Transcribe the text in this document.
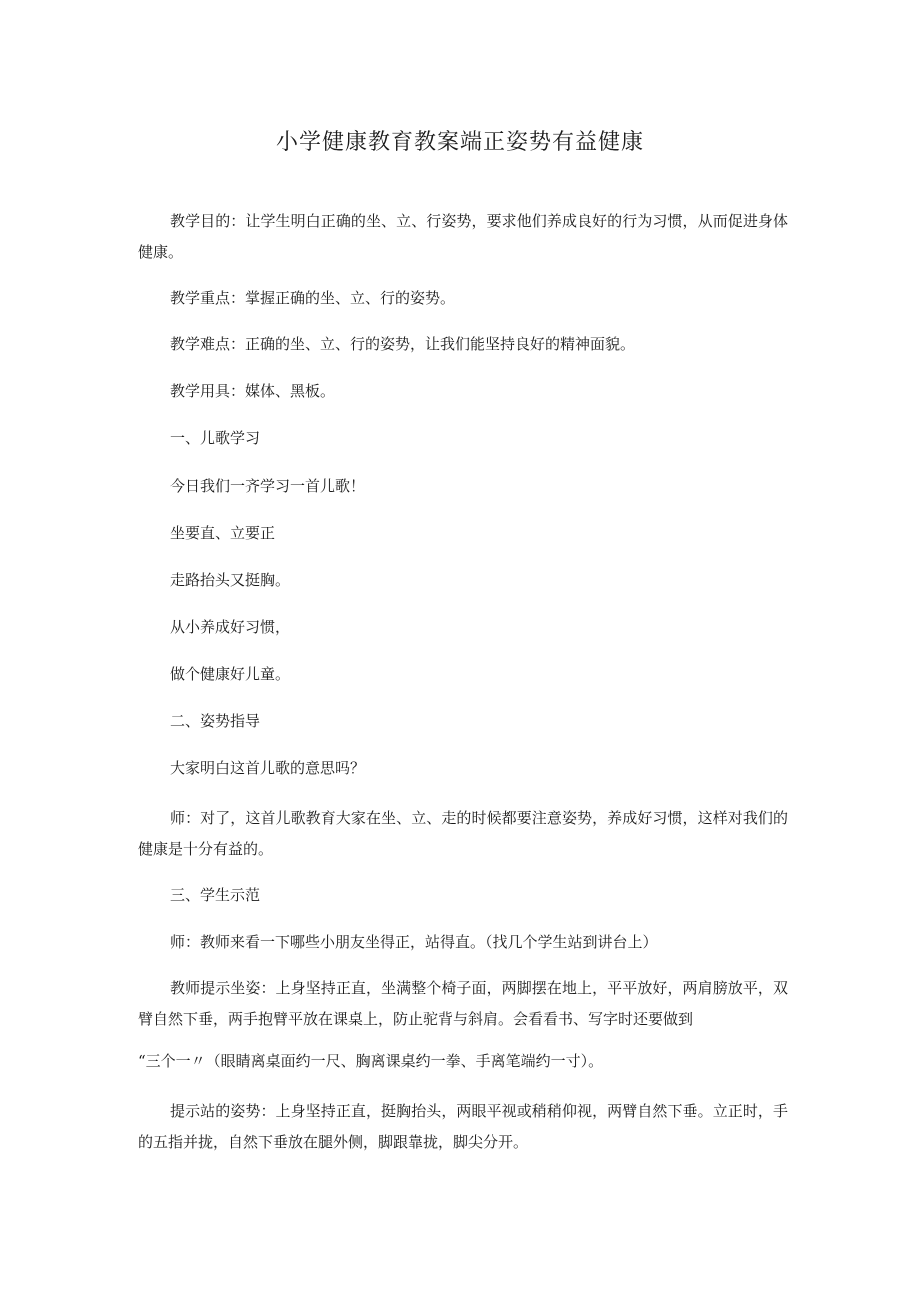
小学健康教育教案端正姿势有益健康

教学目的：让学生明白正确的坐、立、行姿势，要求他们养成良好的行为习惯，从而促进身体健康。

教学重点：掌握正确的坐、立、行的姿势。

教学难点：正确的坐、立、行的姿势，让我们能坚持良好的精神面貌。

教学用具：媒体、黑板。

一、儿歌学习

今日我们一齐学习一首儿歌！

坐要直、立要正

走路抬头又挺胸。

从小养成好习惯，

做个健康好儿童。

二、姿势指导

大家明白这首儿歌的意思吗？

师：对了，这首儿歌教育大家在坐、立、走的时候都要注意姿势，养成好习惯，这样对我们的健康是十分有益的。

三、学生示范

师：教师来看一下哪些小朋友坐得正，站得直。（找几个学生站到讲台上）

教师提示坐姿：上身坚持正直，坐满整个椅子面，两脚摆在地上，平平放好，两肩膀放平，双臂自然下垂，两手抱臂平放在课桌上，防止驼背与斜肩。会看看书、写字时还要做到

“三个一〃（眼睛离桌面约一尺、胸离课桌约一拳、手离笔端约一寸）。

提示站的姿势：上身坚持正直，挺胸抬头，两眼平视或稍稍仰视，两臂自然下垂。立正时，手的五指并拢，自然下垂放在腿外侧，脚跟靠拢，脚尖分开。
